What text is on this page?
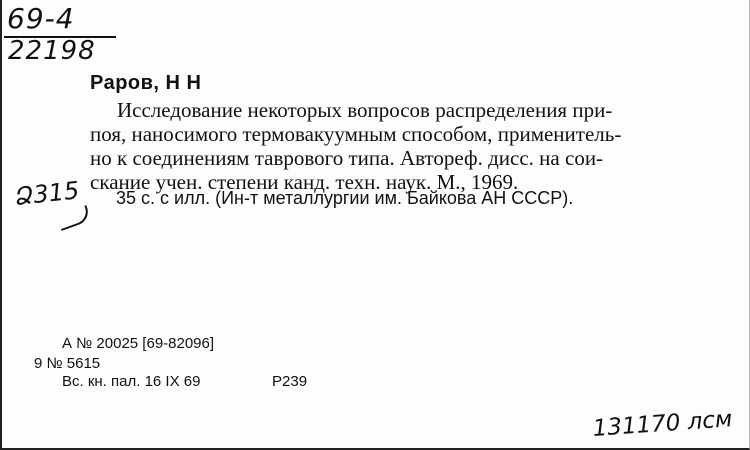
69-4
22198
Ձ315
Раров, Н Н
Исследование некоторых вопросов распределения при-
поя, наносимого термовакуумным способом, применитель-
но к соединениям таврового типа. Автореф. дисс. на сои-
скание учен. степени канд. техн. наук. М., 1969.
35 с. с илл. (Ин-т металлургии им. Байкова АН СССР).
А № 20025 [69-82096]
9 № 5615
Вс. кн. пал. 16 IX 69	Р239
131170 лсм
